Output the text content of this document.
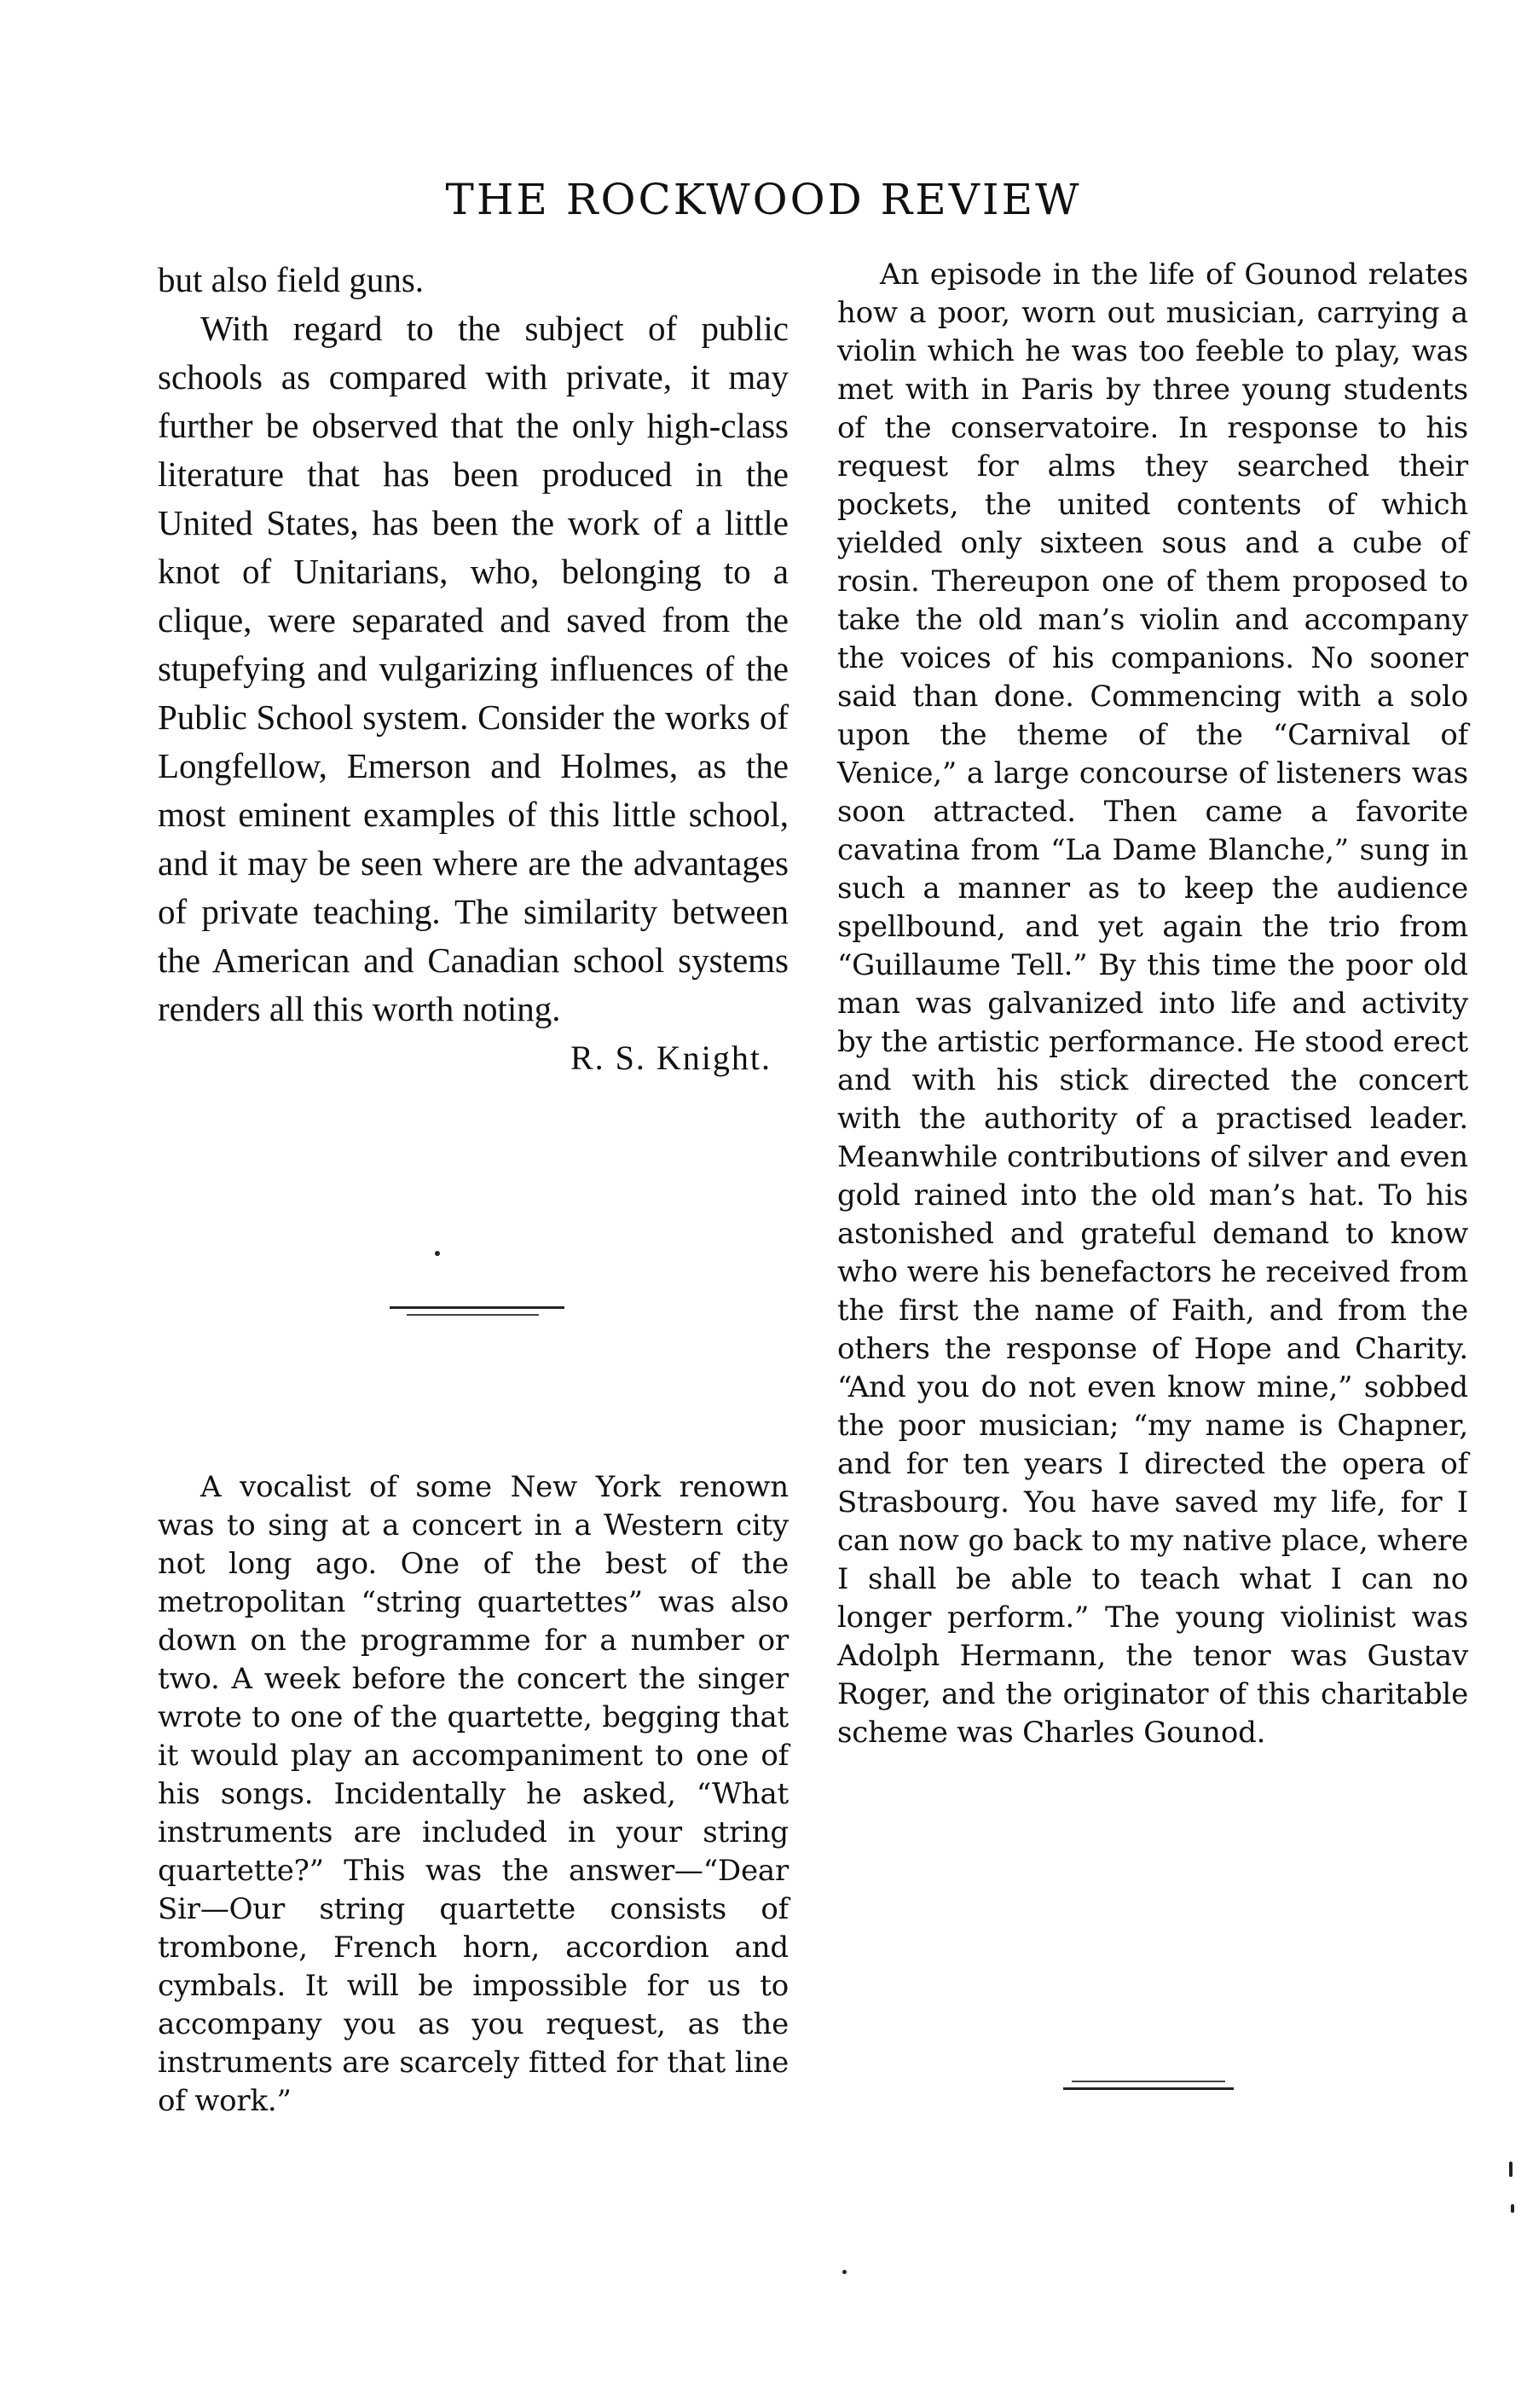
THE ROCKWOOD REVIEW

but also field guns.

With regard to the subject of public schools as compared with private, it may further be observed that the only high-class literature that has been produced in the United States, has been the work of a little knot of Unitarians, who, belonging to a clique, were separated and saved from the stupefying and vulgarizing influences of the Public School system. Consider the works of Longfellow, Emerson and Holmes, as the most eminent examples of this little school, and it may be seen where are the advantages of private teaching. The similarity between the American and Canadian school systems renders all this worth noting.

R. S. Knight.

A vocalist of some New York renown was to sing at a concert in a Western city not long ago. One of the best of the metropolitan “string quartettes” was also down on the programme for a number or two. A week before the concert the singer wrote to one of the quartette, begging that it would play an accompaniment to one of his songs. Incidentally he asked, “What instruments are included in your string quartette?” This was the answer—“Dear Sir—Our string quartette consists of trombone, French horn, accordion and cymbals. It will be impossible for us to accompany you as you request, as the instruments are scarcely fitted for that line of work.”

An episode in the life of Gounod relates how a poor, worn out musician, carrying a violin which he was too feeble to play, was met with in Paris by three young students of the conservatoire. In response to his request for alms they searched their pockets, the united contents of which yielded only sixteen sous and a cube of rosin. Thereupon one of them proposed to take the old man’s violin and accompany the voices of his companions. No sooner said than done. Commencing with a solo upon the theme of the “Carnival of Venice,” a large concourse of listeners was soon attracted. Then came a favorite cavatina from “La Dame Blanche,” sung in such a manner as to keep the audience spellbound, and yet again the trio from “Guillaume Tell.” By this time the poor old man was galvanized into life and activity by the artistic performance. He stood erect and with his stick directed the concert with the authority of a practised leader. Meanwhile contributions of silver and even gold rained into the old man’s hat. To his astonished and grateful demand to know who were his benefactors he received from the first the name of Faith, and from the others the response of Hope and Charity. “And you do not even know mine,” sobbed the poor musician; “my name is Chapner, and for ten years I directed the opera of Strasbourg. You have saved my life, for I can now go back to my native place, where I shall be able to teach what I can no longer perform.” The young violinist was Adolph Hermann, the tenor was Gustav Roger, and the originator of this charitable scheme was Charles Gounod.
